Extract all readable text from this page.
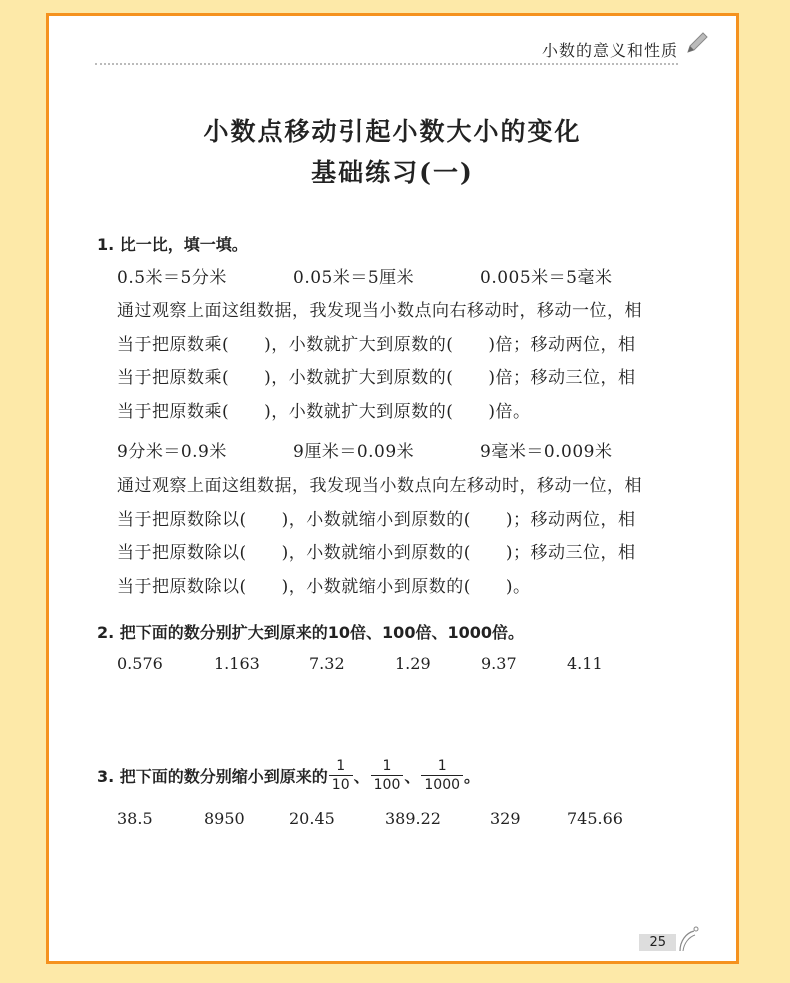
小数的意义和性质
小数点移动引起小数大小的变化
基础练习(一)
1. 比一比，填一填。
0.5米＝5分米	0.05米＝5厘米	0.005米＝5毫米
通过观察上面这组数据，我发现当小数点向右移动时，移动一位，相
当于把原数乘(　　)，小数就扩大到原数的(　　)倍；移动两位，相
当于把原数乘(　　)，小数就扩大到原数的(　　)倍；移动三位，相
当于把原数乘(　　)，小数就扩大到原数的(　　)倍。
9分米＝0.9米	9厘米＝0.09米	9毫米＝0.009米
通过观察上面这组数据，我发现当小数点向左移动时，移动一位，相
当于把原数除以(　　)，小数就缩小到原数的(　　)；移动两位，相
当于把原数除以(　　)，小数就缩小到原数的(　　)；移动三位，相
当于把原数除以(　　)，小数就缩小到原数的(　　)。
2. 把下面的数分别扩大到原来的10倍、100倍、1000倍。
0.576	1.163	7.32	1.29	9.37	4.11
3. 把下面的数分别缩小到原来的 $\frac{1}{10}$ 、 $\frac{1}{100}$ 、 $\frac{1}{1000}$ 。
38.5	8950	20.45	389.22	329	745.66
25
